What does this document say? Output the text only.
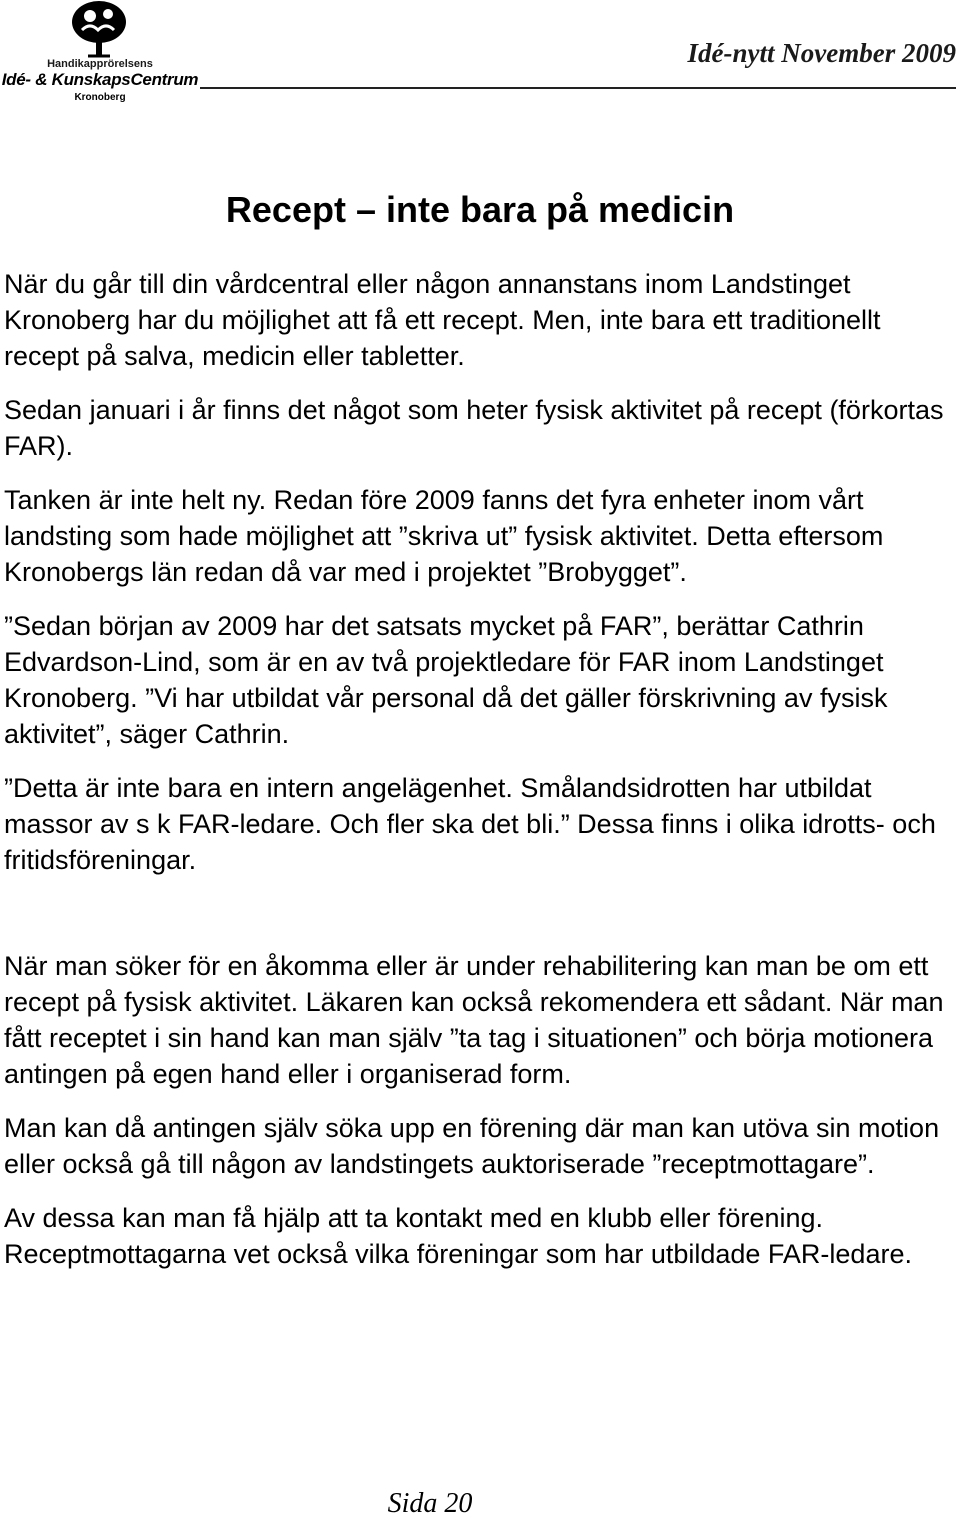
Handikapprörelsens
Idé- & KunskapsCentrum
Kronoberg
Idé-nytt November 2009
Recept – inte bara på medicin

När du går till din vårdcentral eller någon annanstans inom Landstinget Kronoberg har du möjlighet att få ett recept. Men, inte bara ett traditionellt recept på salva, medicin eller tabletter.

Sedan januari i år finns det något som heter fysisk aktivitet på recept (förkortas FAR).

Tanken är inte helt ny. Redan före 2009 fanns det fyra enheter inom vårt landsting som hade möjlighet att ”skriva ut” fysisk aktivitet. Detta eftersom Kronobergs län redan då var med i projektet ”Brobygget”.

”Sedan början av 2009 har det satsats mycket på FAR”, berättar Cathrin Edvardson-Lind, som är en av två projektledare för FAR inom Landstinget Kronoberg. ”Vi har utbildat vår personal då det gäller förskrivning av fysisk aktivitet”, säger Cathrin.

”Detta är inte bara en intern angelägenhet. Smålandsidrotten har utbildat massor av s k FAR-ledare. Och fler ska det bli.” Dessa finns i olika idrotts- och fritidsföreningar.

När man söker för en åkomma eller är under rehabilitering kan man be om ett recept på fysisk aktivitet. Läkaren kan också rekomendera ett sådant. När man fått receptet i sin hand kan man själv ”ta tag i situationen” och börja motionera antingen på egen hand eller i organiserad form.

Man kan då antingen själv söka upp en förening där man kan utöva sin motion eller också gå till någon av landstingets auktoriserade ”receptmottagare”.

Av dessa kan man få hjälp att ta kontakt med en klubb eller förening. Receptmottagarna vet också vilka föreningar som har utbildade FAR-ledare.

Sida 20
